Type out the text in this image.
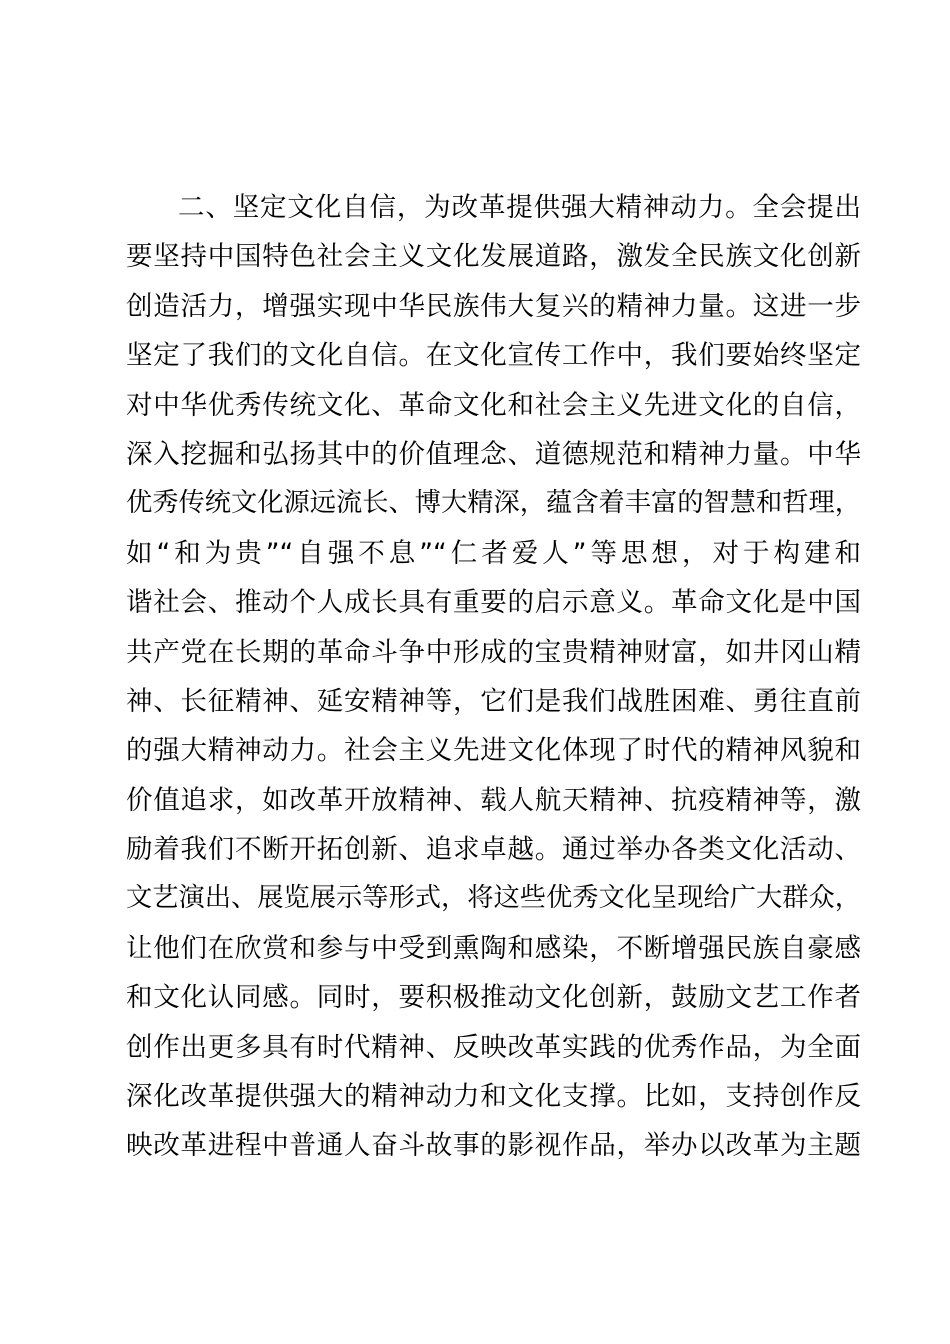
二、坚定文化自信，为改革提供强大精神动力。全会提出
要坚持中国特色社会主义文化发展道路，激发全民族文化创新
创造活力，增强实现中华民族伟大复兴的精神力量。这进一步
坚定了我们的文化自信。在文化宣传工作中，我们要始终坚定
对中华优秀传统文化、革命文化和社会主义先进文化的自信，
深入挖掘和弘扬其中的价值理念、道德规范和精神力量。中华
优秀传统文化源远流长、博大精深，蕴含着丰富的智慧和哲理，
如“和为贵”“自强不息”“仁者爱人”等思想，对于构建和
谐社会、推动个人成长具有重要的启示意义。革命文化是中国
共产党在长期的革命斗争中形成的宝贵精神财富，如井冈山精
神、长征精神、延安精神等，它们是我们战胜困难、勇往直前
的强大精神动力。社会主义先进文化体现了时代的精神风貌和
价值追求，如改革开放精神、载人航天精神、抗疫精神等，激
励着我们不断开拓创新、追求卓越。通过举办各类文化活动、
文艺演出、展览展示等形式，将这些优秀文化呈现给广大群众，
让他们在欣赏和参与中受到熏陶和感染，不断增强民族自豪感
和文化认同感。同时，要积极推动文化创新，鼓励文艺工作者
创作出更多具有时代精神、反映改革实践的优秀作品，为全面
深化改革提供强大的精神动力和文化支撑。比如，支持创作反
映改革进程中普通人奋斗故事的影视作品，举办以改革为主题
